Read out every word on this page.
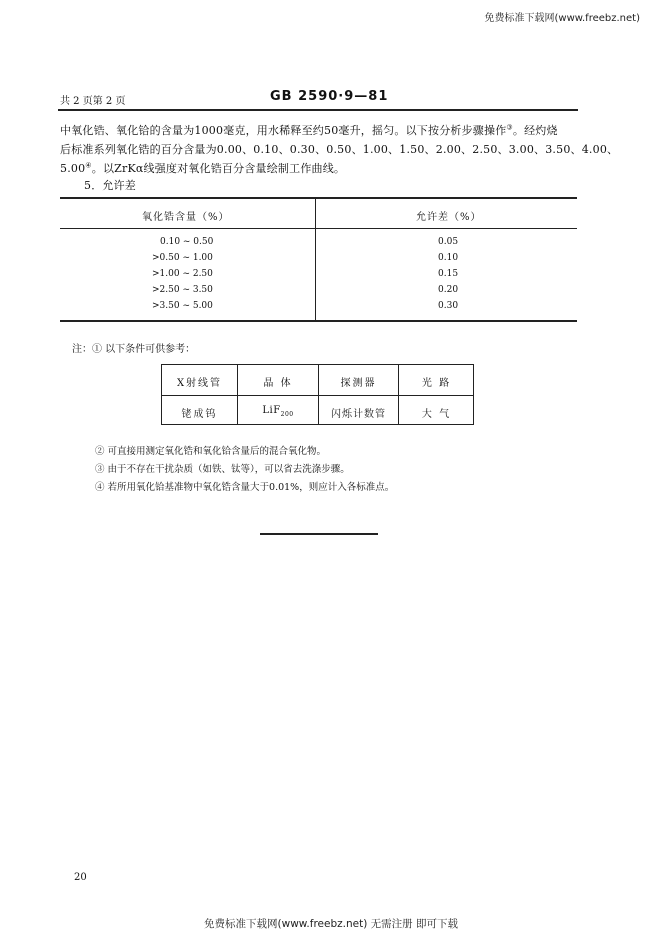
免费标准下载网(www.freebz.net)
共 2 页第 2 页	GB 2590·9—81
中氧化锆、氧化铪的含量为1000毫克，用水稀释至约50毫升，摇匀。以下按分析步骤操作③。经灼烧
后标准系列氧化锆的百分含量为0.00、0.10、0.30、0.50、1.00、1.50、2.00、2.50、3.00、3.50、4.00、
5.00④。以ZrKα线强度对氧化锆百分含量绘制工作曲线。
5．允许差
氧化锆含量（%）	允许差（%）
0.10 ~ 0.50	0.05
>0.50 ~ 1.00	0.10
>1.00 ~ 2.50	0.15
>2.50 ~ 3.50	0.20
>3.50 ~ 5.00	0.30
注：① 以下条件可供参考：
X射线管	晶 体	探测器	光 路
铑成钨	LiF$_{200}$	闪烁计数管	大 气
② 可直接用测定氧化锆和氧化铪含量后的混合氧化物。
③ 由于不存在干扰杂质（如铁、钛等），可以省去洗涤步骤。
④ 若所用氧化铪基准物中氧化锆含量大于0.01%，则应计入各标准点。
20
免费标准下载网(www.freebz.net) 无需注册 即可下载
